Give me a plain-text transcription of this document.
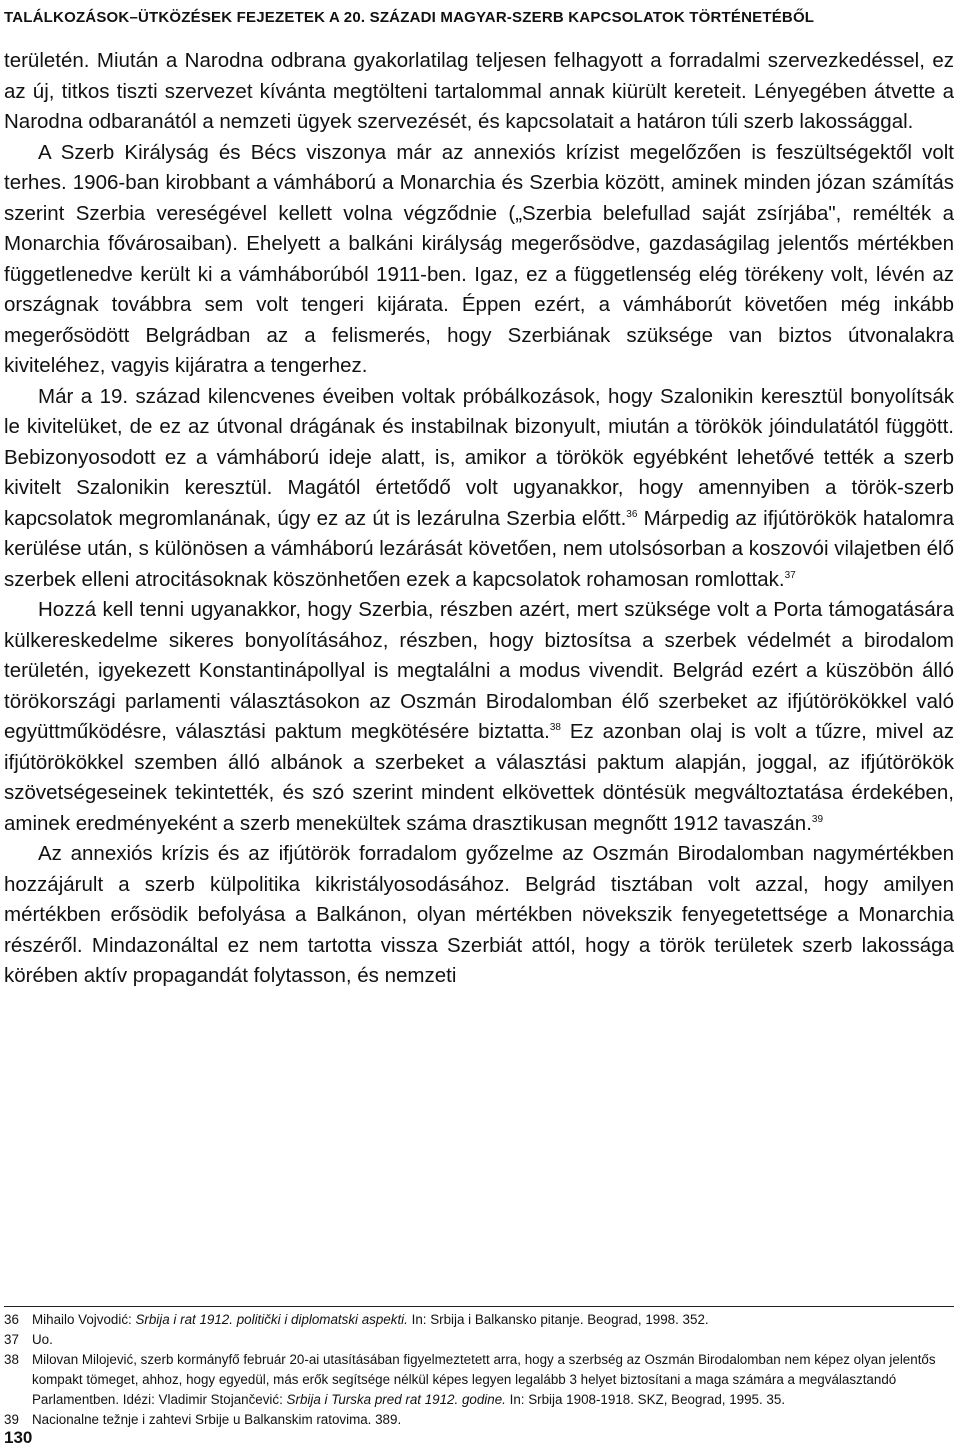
TALÁLKOZÁSOK–ÜTKÖZÉSEK FEJEZETEK A 20. SZÁZADI MAGYAR-SZERB KAPCSOLATOK TÖRTÉNETÉBŐL

területén. Miután a Narodna odbrana gyakorlatilag teljesen felhagyott a forradalmi szervezkedéssel, ez az új, titkos tiszti szervezet kívánta megtölteni tartalommal annak kiürült kereteit. Lényegében átvette a Narodna odbaranától a nemzeti ügyek szervezését, és kapcsolatait a határon túli szerb lakossággal.

A Szerb Királyság és Bécs viszonya már az annexiós krízist megelőzően is feszültségektől volt terhes. 1906-ban kirobbant a vámháború a Monarchia és Szerbia között, aminek minden józan számítás szerint Szerbia vereségével kellett volna végződnie („Szerbia belefullad saját zsírjába", remélték a Monarchia fővárosaiban). Ehelyett a balkáni királyság megerősödve, gazdaságilag jelentős mértékben függetlenedve került ki a vámháborúból 1911-ben. Igaz, ez a függetlenség elég törékeny volt, lévén az országnak továbbra sem volt tengeri kijárata. Éppen ezért, a vámháborút követően még inkább megerősödött Belgrádban az a felismerés, hogy Szerbiának szüksége van biztos útvonalakra kiviteléhez, vagyis kijáratra a tengerhez.

Már a 19. század kilencvenes éveiben voltak próbálkozások, hogy Szalonikin keresztül bonyolítsák le kivitelüket, de ez az útvonal drágának és instabilnak bizonyult, miután a törökök jóindulatától függött. Bebizonyosodott ez a vámháború ideje alatt, is, amikor a törökök egyébként lehetővé tették a szerb kivitelt Szalonikin keresztül. Magától értetődő volt ugyanakkor, hogy amennyiben a török-szerb kapcsolatok megromlanának, úgy ez az út is lezárulna Szerbia előtt.$^{36}$ Márpedig az ifjútörökök hatalomra kerülése után, s különösen a vámháború lezárását követően, nem utolsósorban a koszovói vilajetben élő szerbek elleni atrocitásoknak köszönhetően ezek a kapcsolatok rohamosan romlottak.$^{37}$

Hozzá kell tenni ugyanakkor, hogy Szerbia, részben azért, mert szüksége volt a Porta támogatására külkereskedelme sikeres bonyolításához, részben, hogy biztosítsa a szerbek védelmét a birodalom területén, igyekezett Konstantinápollyal is megtalálni a modus vivendit. Belgrád ezért a küszöbön álló törökországi parlamenti választásokon az Oszmán Birodalomban élő szerbeket az ifjútörökökkel való együttműködésre, választási paktum megkötésére biztatta.$^{38}$ Ez azonban olaj is volt a tűzre, mivel az ifjútörökökkel szemben álló albánok a szerbeket a választási paktum alapján, joggal, az ifjútörökök szövetségeseinek tekintették, és szó szerint mindent elkövettek döntésük megváltoztatása érdekében, aminek eredményeként a szerb menekültek száma drasztikusan megnőtt 1912 tavaszán.$^{39}$

Az annexiós krízis és az ifjútörök forradalom győzelme az Oszmán Birodalomban nagymértékben hozzájárult a szerb külpolitika kikristályosodásához. Belgrád tisztában volt azzal, hogy amilyen mértékben erősödik befolyása a Balkánon, olyan mértékben növekszik fenyegetettsége a Monarchia részéről. Mindazonáltal ez nem tartotta vissza Szerbiát attól, hogy a török területek szerb lakossága körében aktív propagandát folytasson, és nemzeti

36 Mihailo Vojvodić: Srbija i rat 1912. politički i diplomatski aspekti. In: Srbija i Balkansko pitanje. Beograd, 1998. 352.
37 Uo.
38 Milovan Milojević, szerb kormányfő február 20-ai utasításában figyelmeztetett arra, hogy a szerbség az Oszmán Birodalomban nem képez olyan jelentős kompakt tömeget, ahhoz, hogy egyedül, más erők segítsége nélkül képes legyen legalább 3 helyet biztosítani a maga számára a megválasztandó Parlamentben. Idézi: Vladimir Stojančević: Srbija i Turska pred rat 1912. godine. In: Srbija 1908-1918. SKZ, Beograd, 1995. 35.
39 Nacionalne težnje i zahtevi Srbije u Balkanskim ratovima. 389.
130
